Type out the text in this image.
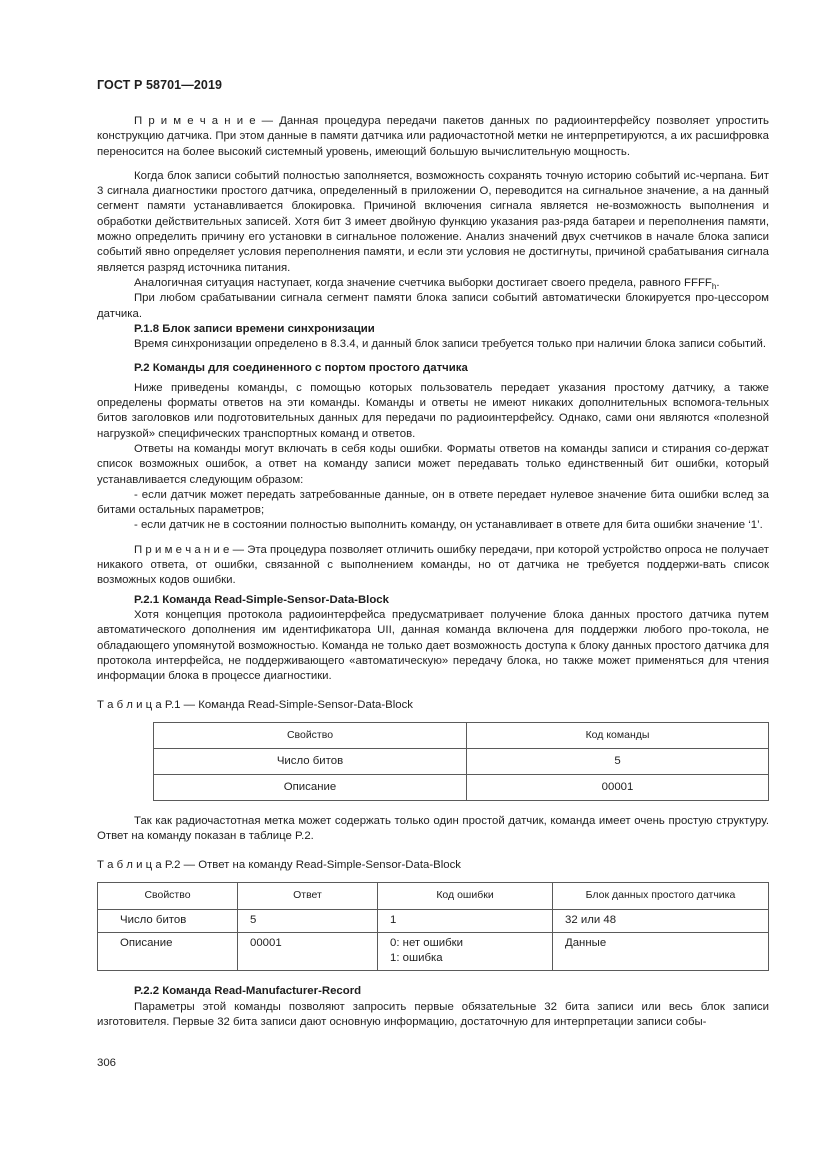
ГОСТ Р 58701—2019

П р и м е ч а н и е — Данная процедура передачи пакетов данных по радиоинтерфейсу позволяет упростить конструкцию датчика. При этом данные в памяти датчика или радиочастотной метки не интерпретируются, а их расшифровка переносится на более высокий системный уровень, имеющий большую вычислительную мощность.

Когда блок записи событий полностью заполняется, возможность сохранять точную историю событий ис-черпана. Бит 3 сигнала диагностики простого датчика, определенный в приложении О, переводится на сигнальное значение, а на данный сегмент памяти устанавливается блокировка. Причиной включения сигнала является не-возможность выполнения и обработки действительных записей. Хотя бит 3 имеет двойную функцию указания раз-ряда батареи и переполнения памяти, можно определить причину его установки в сигнальное положение. Анализ значений двух счетчиков в начале блока записи событий явно определяет условия переполнения памяти, и если эти условия не достигнуты, причиной срабатывания сигнала является разряд источника питания.

Аналогичная ситуация наступает, когда значение счетчика выборки достигает своего предела, равного $FFFF_h$.

При любом срабатывании сигнала сегмент памяти блока записи событий автоматически блокируется про-цессором датчика.

P.1.8 Блок записи времени синхронизации

Время синхронизации определено в 8.3.4, и данный блок записи требуется только при наличии блока записи событий.

P.2 Команды для соединенного с портом простого датчика

Ниже приведены команды, с помощью которых пользователь передает указания простому датчику, а также определены форматы ответов на эти команды. Команды и ответы не имеют никаких дополнительных вспомога-тельных битов заголовков или подготовительных данных для передачи по радиоинтерфейсу. Однако, сами они являются «полезной нагрузкой» специфических транспортных команд и ответов.

Ответы на команды могут включать в себя коды ошибки. Форматы ответов на команды записи и стирания со-держат список возможных ошибок, а ответ на команду записи может передавать только единственный бит ошибки, который устанавливается следующим образом:

- если датчик может передать затребованные данные, он в ответе передает нулевое значение бита ошибки вслед за битами остальных параметров;

- если датчик не в состоянии полностью выполнить команду, он устанавливает в ответе для бита ошибки значение ‘1’.

П р и м е ч а н и е — Эта процедура позволяет отличить ошибку передачи, при которой устройство опроса не получает никакого ответа, от ошибки, связанной с выполнением команды, но от датчика не требуется поддержи-вать список возможных кодов ошибки.

P.2.1 Команда Read-Simple-Sensor-Data-Block

Хотя концепция протокола радиоинтерфейса предусматривает получение блока данных простого датчика путем автоматического дополнения им идентификатора UII, данная команда включена для поддержки любого про-токола, не обладающего упомянутой возможностью. Команда не только дает возможность доступа к блоку данных простого датчика для протокола интерфейса, не поддерживающего «автоматическую» передачу блока, но также может применяться для чтения информации блока в процессе диагностики.

Т а б л и ц а P.1 — Команда Read-Simple-Sensor-Data-Block

Свойство	Код команды
Число битов	5
Описание	00001

Так как радиочастотная метка может содержать только один простой датчик, команда имеет очень простую структуру. Ответ на команду показан в таблице P.2.

Т а б л и ц а P.2 — Ответ на команду Read-Simple-Sensor-Data-Block

Свойство	Ответ	Код ошибки	Блок данных простого датчика
Число битов	5	1	32 или 48
Описание	00001	0: нет ошибки
1: ошибка	Данные

P.2.2 Команда Read-Manufacturer-Record

Параметры этой команды позволяют запросить первые обязательные 32 бита записи или весь блок записи изготовителя. Первые 32 бита записи дают основную информацию, достаточную для интерпретации записи собы-

306
